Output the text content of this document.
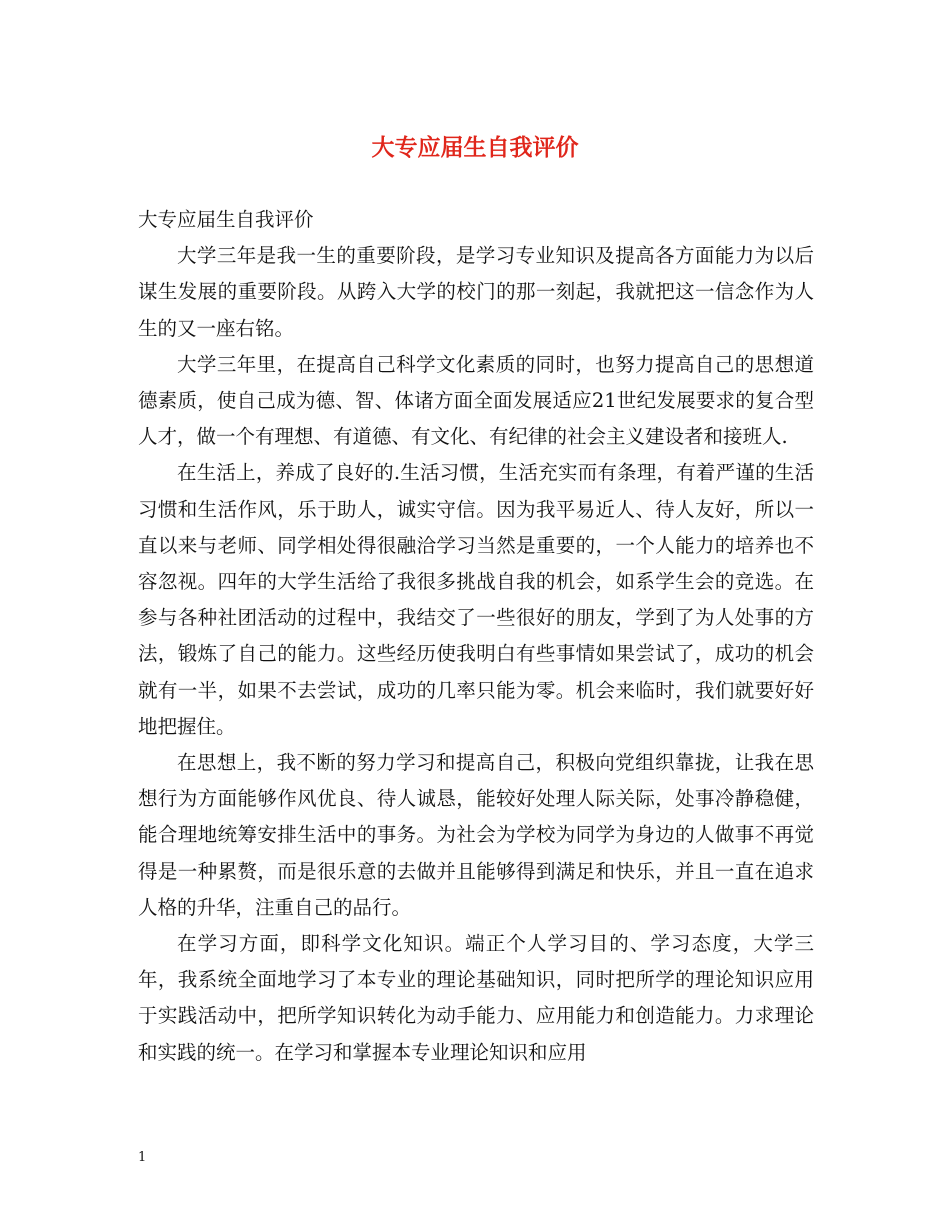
大专应届生自我评价

大专应届生自我评价

大学三年是我一生的重要阶段，是学习专业知识及提高各方面能力为以后谋生发展的重要阶段。从跨入大学的校门的那一刻起，我就把这一信念作为人生的又一座右铭。

大学三年里，在提高自己科学文化素质的同时，也努力提高自己的思想道德素质，使自己成为德、智、体诸方面全面发展适应21世纪发展要求的复合型人才，做一个有理想、有道德、有文化、有纪律的社会主义建设者和接班人.

在生活上，养成了良好的.生活习惯，生活充实而有条理，有着严谨的生活习惯和生活作风，乐于助人，诚实守信。因为我平易近人、待人友好，所以一直以来与老师、同学相处得很融洽学习当然是重要的，一个人能力的培养也不容忽视。四年的大学生活给了我很多挑战自我的机会，如系学生会的竞选。在参与各种社团活动的过程中，我结交了一些很好的朋友，学到了为人处事的方法，锻炼了自己的能力。这些经历使我明白有些事情如果尝试了，成功的机会就有一半，如果不去尝试，成功的几率只能为零。机会来临时，我们就要好好地把握住。

在思想上，我不断的努力学习和提高自己，积极向党组织靠拢，让我在思想行为方面能够作风优良、待人诚恳，能较好处理人际关际，处事冷静稳健，能合理地统筹安排生活中的事务。为社会为学校为同学为身边的人做事不再觉得是一种累赘，而是很乐意的去做并且能够得到满足和快乐，并且一直在追求人格的升华，注重自己的品行。

在学习方面，即科学文化知识。端正个人学习目的、学习态度，大学三年，我系统全面地学习了本专业的理论基础知识，同时把所学的理论知识应用于实践活动中，把所学知识转化为动手能力、应用能力和创造能力。力求理论和实践的统一。在学习和掌握本专业理论知识和应用

1
